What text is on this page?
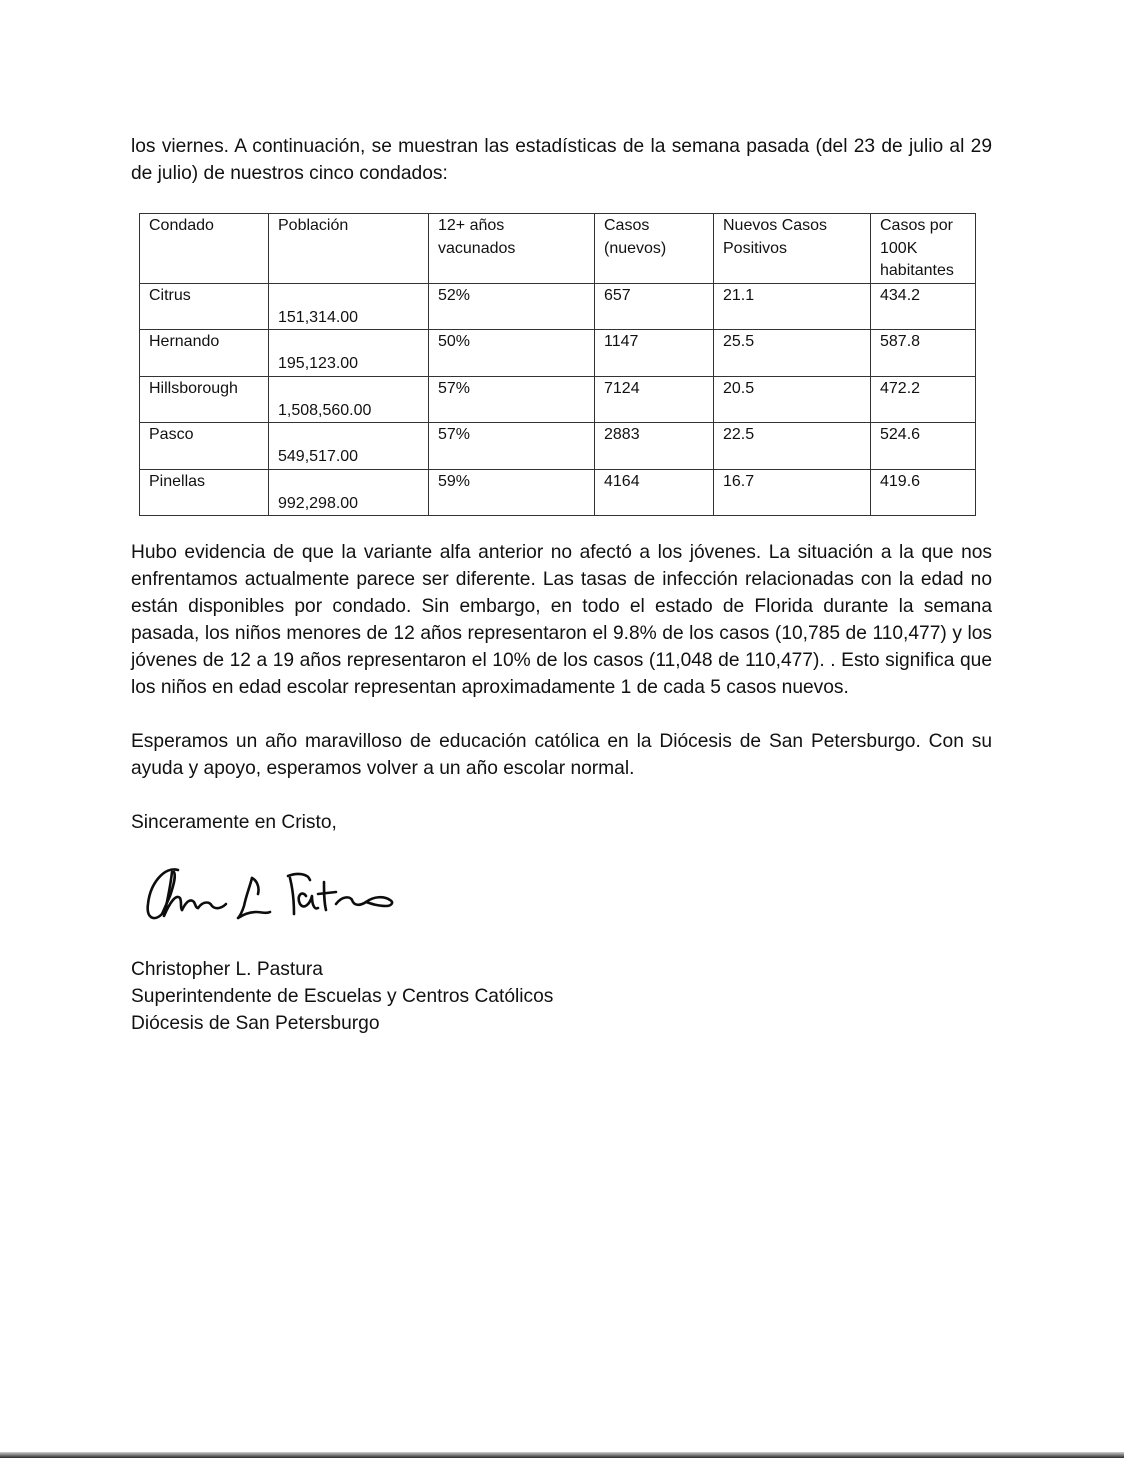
los viernes. A continuación, se muestran las estadísticas de la semana pasada (del 23 de julio al 29 de julio) de nuestros cinco condados:

Condado	Población	12+ años vacunados	Casos (nuevos)	Nuevos Casos Positivos	Casos por 100K habitantes
Citrus	151,314.00	52%	657	21.1	434.2
Hernando	195,123.00	50%	1147	25.5	587.8
Hillsborough	1,508,560.00	57%	7124	20.5	472.2
Pasco	549,517.00	57%	2883	22.5	524.6
Pinellas	992,298.00	59%	4164	16.7	419.6

Hubo evidencia de que la variante alfa anterior no afectó a los jóvenes. La situación a la que nos enfrentamos actualmente parece ser diferente. Las tasas de infección relacionadas con la edad no están disponibles por condado. Sin embargo, en todo el estado de Florida durante la semana pasada, los niños menores de 12 años representaron el 9.8% de los casos (10,785 de 110,477) y los jóvenes de 12 a 19 años representaron el 10% de los casos (11,048 de 110,477). . Esto significa que los niños en edad escolar representan aproximadamente 1 de cada 5 casos nuevos.

Esperamos un año maravilloso de educación católica en la Diócesis de San Petersburgo. Con su ayuda y apoyo, esperamos volver a un año escolar normal.

Sinceramente en Cristo,

Christopher L. Pastura

Superintendente de Escuelas y Centros Católicos

Diócesis de San Petersburgo
